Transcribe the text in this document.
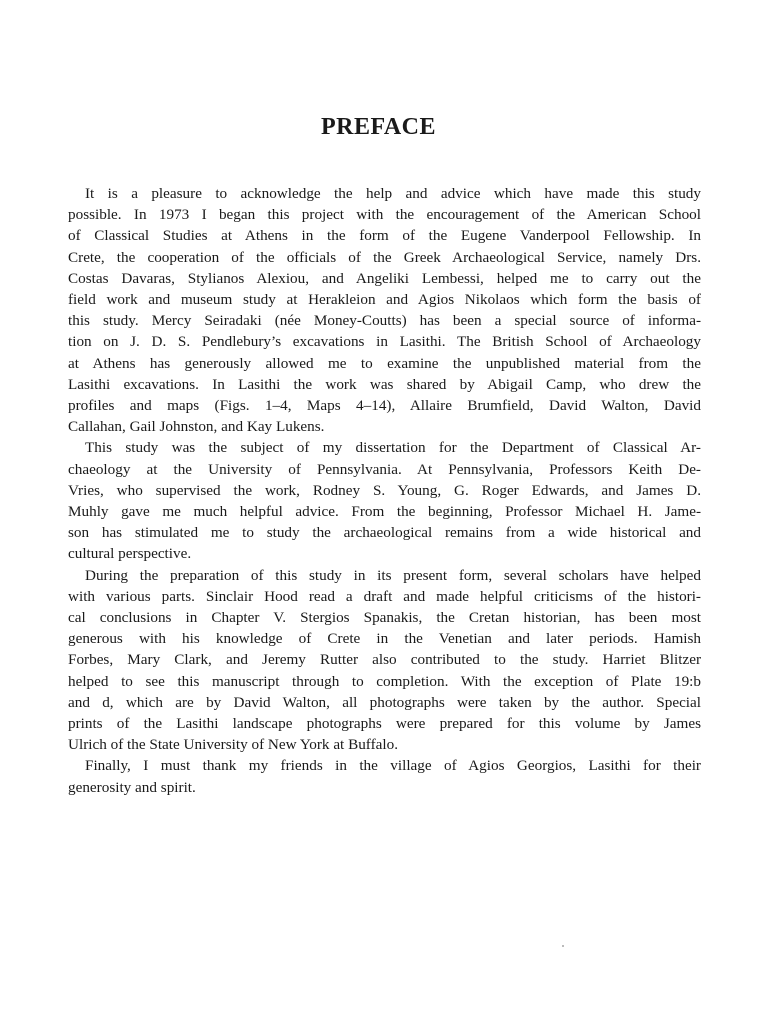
PREFACE

It is a pleasure to acknowledge the help and advice which have made this study
possible. In 1973 I began this project with the encouragement of the American School
of Classical Studies at Athens in the form of the Eugene Vanderpool Fellowship. In
Crete, the cooperation of the officials of the Greek Archaeological Service, namely Drs.
Costas Davaras, Stylianos Alexiou, and Angeliki Lembessi, helped me to carry out the
field work and museum study at Herakleion and Agios Nikolaos which form the basis of
this study. Mercy Seiradaki (née Money-Coutts) has been a special source of informa-
tion on J. D. S. Pendlebury’s excavations in Lasithi. The British School of Archaeology
at Athens has generously allowed me to examine the unpublished material from the
Lasithi excavations. In Lasithi the work was shared by Abigail Camp, who drew the
profiles and maps (Figs. 1–4, Maps 4–14), Allaire Brumfield, David Walton, David
Callahan, Gail Johnston, and Kay Lukens.

This study was the subject of my dissertation for the Department of Classical Ar-
chaeology at the University of Pennsylvania. At Pennsylvania, Professors Keith De-
Vries, who supervised the work, Rodney S. Young, G. Roger Edwards, and James D.
Muhly gave me much helpful advice. From the beginning, Professor Michael H. Jame-
son has stimulated me to study the archaeological remains from a wide historical and
cultural perspective.

During the preparation of this study in its present form, several scholars have helped
with various parts. Sinclair Hood read a draft and made helpful criticisms of the histori-
cal conclusions in Chapter V. Stergios Spanakis, the Cretan historian, has been most
generous with his knowledge of Crete in the Venetian and later periods. Hamish
Forbes, Mary Clark, and Jeremy Rutter also contributed to the study. Harriet Blitzer
helped to see this manuscript through to completion. With the exception of Plate 19:b
and d, which are by David Walton, all photographs were taken by the author. Special
prints of the Lasithi landscape photographs were prepared for this volume by James
Ulrich of the State University of New York at Buffalo.

Finally, I must thank my friends in the village of Agios Georgios, Lasithi for their
generosity and spirit.
